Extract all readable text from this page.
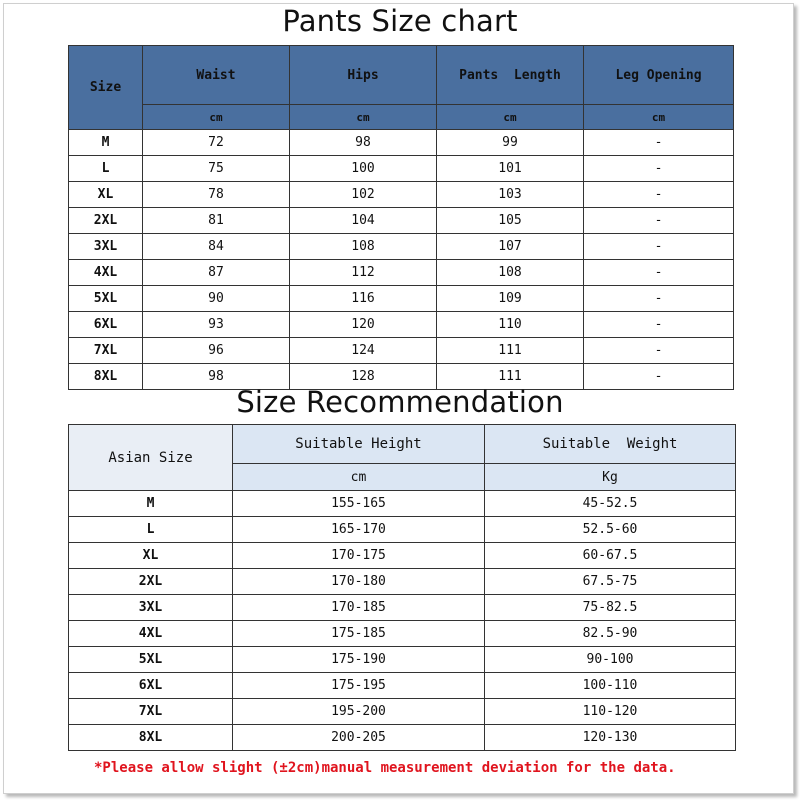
Pants Size chart
Size	Waist	Hips	Pants  Length	Leg Opening
	cm	cm	cm	cm
M	72	98	99	-
L	75	100	101	-
XL	78	102	103	-
2XL	81	104	105	-
3XL	84	108	107	-
4XL	87	112	108	-
5XL	90	116	109	-
6XL	93	120	110	-
7XL	96	124	111	-
8XL	98	128	111	-
Size Recommendation
Asian Size	Suitable Height	Suitable  Weight
	cm	Kg
M	155-165	45-52.5
L	165-170	52.5-60
XL	170-175	60-67.5
2XL	170-180	67.5-75
3XL	170-185	75-82.5
4XL	175-185	82.5-90
5XL	175-190	90-100
6XL	175-195	100-110
7XL	195-200	110-120
8XL	200-205	120-130
*Please allow slight (±2cm)manual measurement deviation for the data.
